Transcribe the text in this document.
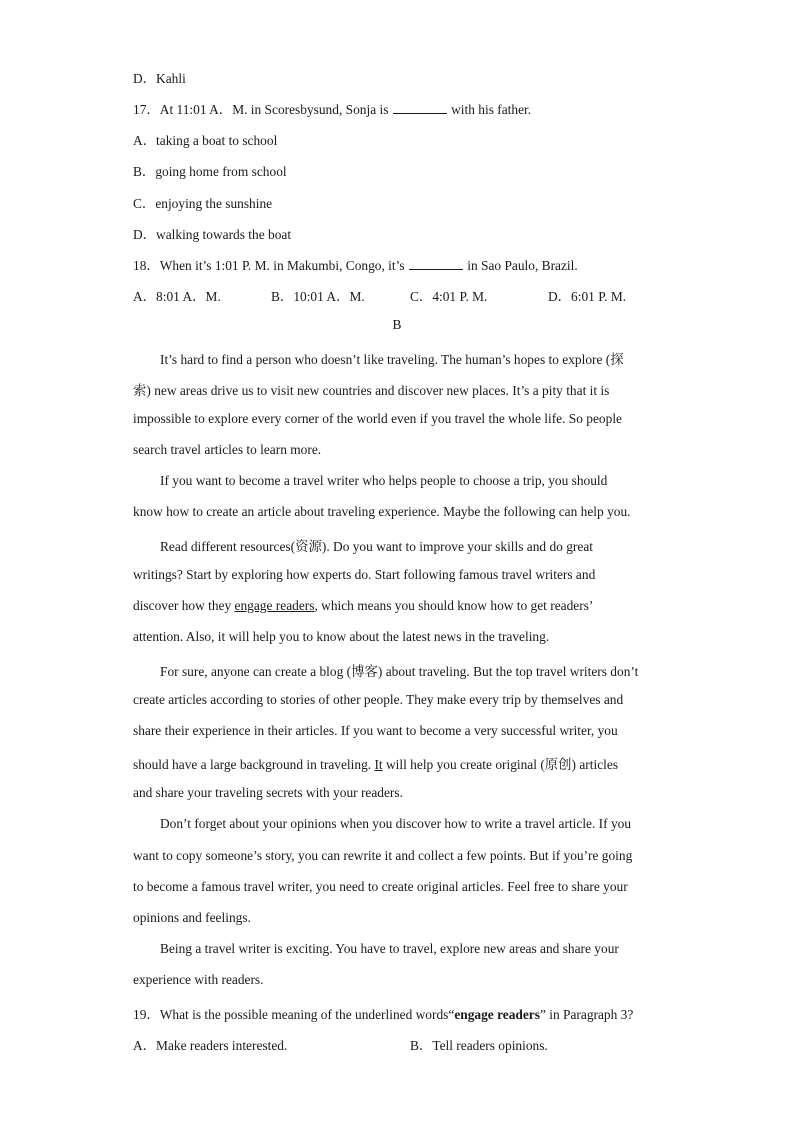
D．Kahli
17．At 11:01 A．M. in Scoresbysund, Sonja is	with his father.
A．taking a boat to school
B．going home from school
C．enjoying the sunshine
D．walking towards the boat
18．When it’s 1:01 P. M. in Makumbi, Congo, it’s	in Sao Paulo, Brazil.
A．8:01 A．M.	B．10:01 A．M.	C．4:01 P. M.	D．6:01 P. M.
B
It’s hard to find a person who doesn’t like traveling. The human’s hopes to explore (探
索) new areas drive us to visit new countries and discover new places. It’s a pity that it is
impossible to explore every corner of the world even if you travel the whole life. So people
search travel articles to learn more.
If you want to become a travel writer who helps people to choose a trip, you should
know how to create an article about traveling experience. Maybe the following can help you.
Read different resources(资源). Do you want to improve your skills and do great
writings? Start by exploring how experts do. Start following famous travel writers and
discover how they engage readers, which means you should know how to get readers’
attention. Also, it will help you to know about the latest news in the traveling.
For sure, anyone can create a blog (博客) about traveling. But the top travel writers don’t
create articles according to stories of other people. They make every trip by themselves and
share their experience in their articles. If you want to become a very successful writer, you
should have a large background in traveling. It will help you create original (原创) articles
and share your traveling secrets with your readers.
Don’t forget about your opinions when you discover how to write a travel article. If you
want to copy someone’s story, you can rewrite it and collect a few points. But if you’re going
to become a famous travel writer, you need to create original articles. Feel free to share your
opinions and feelings.
Being a travel writer is exciting. You have to travel, explore new areas and share your
experience with readers.
19．What is the possible meaning of the underlined words“engage readers” in Paragraph 3?
A．Make readers interested.	B．Tell readers opinions.
